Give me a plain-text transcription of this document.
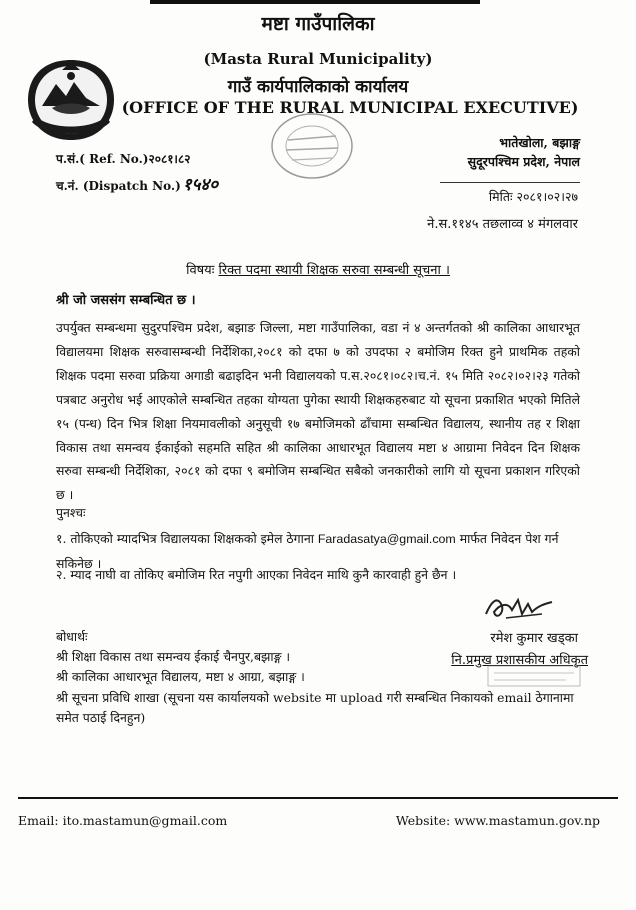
मष्टा गाउँपालिका
(Masta Rural Municipality)
गाउँ कार्यपालिकाको कार्यालय
(OFFICE OF THE RURAL MUNICIPAL EXECUTIVE)
प.सं.( Ref. No.)२०८१।८२
च.नं. (Dispatch No.) १५४०
भातेखोला, बझाङ्ग
सुदूरपश्चिम प्रदेश, नेपाल
मितिः २०८१।०२।२७
ने.स.११४५ तछलाव्व ४ मंगलवार
विषयः रिक्त पदमा स्थायी शिक्षक सरुवा सम्बन्धी सूचना ।
श्री जो जससंग सम्बन्धित छ ।
उपर्युक्त सम्बन्धमा सुदुरपश्चिम प्रदेश, बझाङ जिल्ला, मष्टा गाउँपालिका, वडा नं ४ अन्तर्गतको श्री कालिका आधारभूत विद्यालयमा शिक्षक सरुवासम्बन्धी निर्देशिका,२०८१ को दफा ७ को उपदफा २ बमोजिम रिक्त हुने प्राथमिक तहको शिक्षक पदमा सरुवा प्रक्रिया अगाडी बढाइदिन भनी विद्यालयको प.स.२०८१।०८२।च.नं. १५ मिति २०८२।०२।२३ गतेको पत्रबाट अनुरोध भई आएकोले सम्बन्धित तहका योग्यता पुगेका स्थायी शिक्षकहरुबाट यो सूचना प्रकाशित भएको मितिले १५ (पन्ध) दिन भित्र शिक्षा नियमावलीको अनुसूची १७ बमोजिमको ढाँचामा सम्बन्धित विद्यालय, स्थानीय तह र शिक्षा विकास तथा समन्वय ईकाईको सहमति सहित श्री कालिका आधारभूत विद्यालय मष्टा ४ आग्रामा निवेदन दिन शिक्षक सरुवा सम्बन्धी निर्देशिका, २०८१ को दफा ९ बमोजिम सम्बन्धित सबैको जनकारीको लागि यो सूचना प्रकाशन गरिएको छ ।
पुनश्चः
१. तोकिएको म्यादभित्र विद्यालयका शिक्षकको इमेल ठेगाना Faradasatya@gmail.com मार्फत निवेदन पेश गर्न सकिनेछ ।
२. म्याद नाघी वा तोकिए बमोजिम रित नपुगी आएका निवेदन माथि कुनै कारवाही हुने छैन ।
रमेश कुमार खड्का
नि.प्रमुख प्रशासकीय अधिकृत
बोधार्थः
श्री शिक्षा विकास तथा समन्वय ईकाई चैनपुर,बझाङ्ग ।
श्री कालिका आधारभूत विद्यालय, मष्टा ४ आग्रा, बझाङ्ग ।
श्री सूचना प्रविधि शाखा (सूचना यस कार्यालयको website मा upload गरी सम्बन्धित निकायको email ठेगानामा समेत पठाई दिनहुन)
Email: ito.mastamun@gmail.com	Website: www.mastamun.gov.np
